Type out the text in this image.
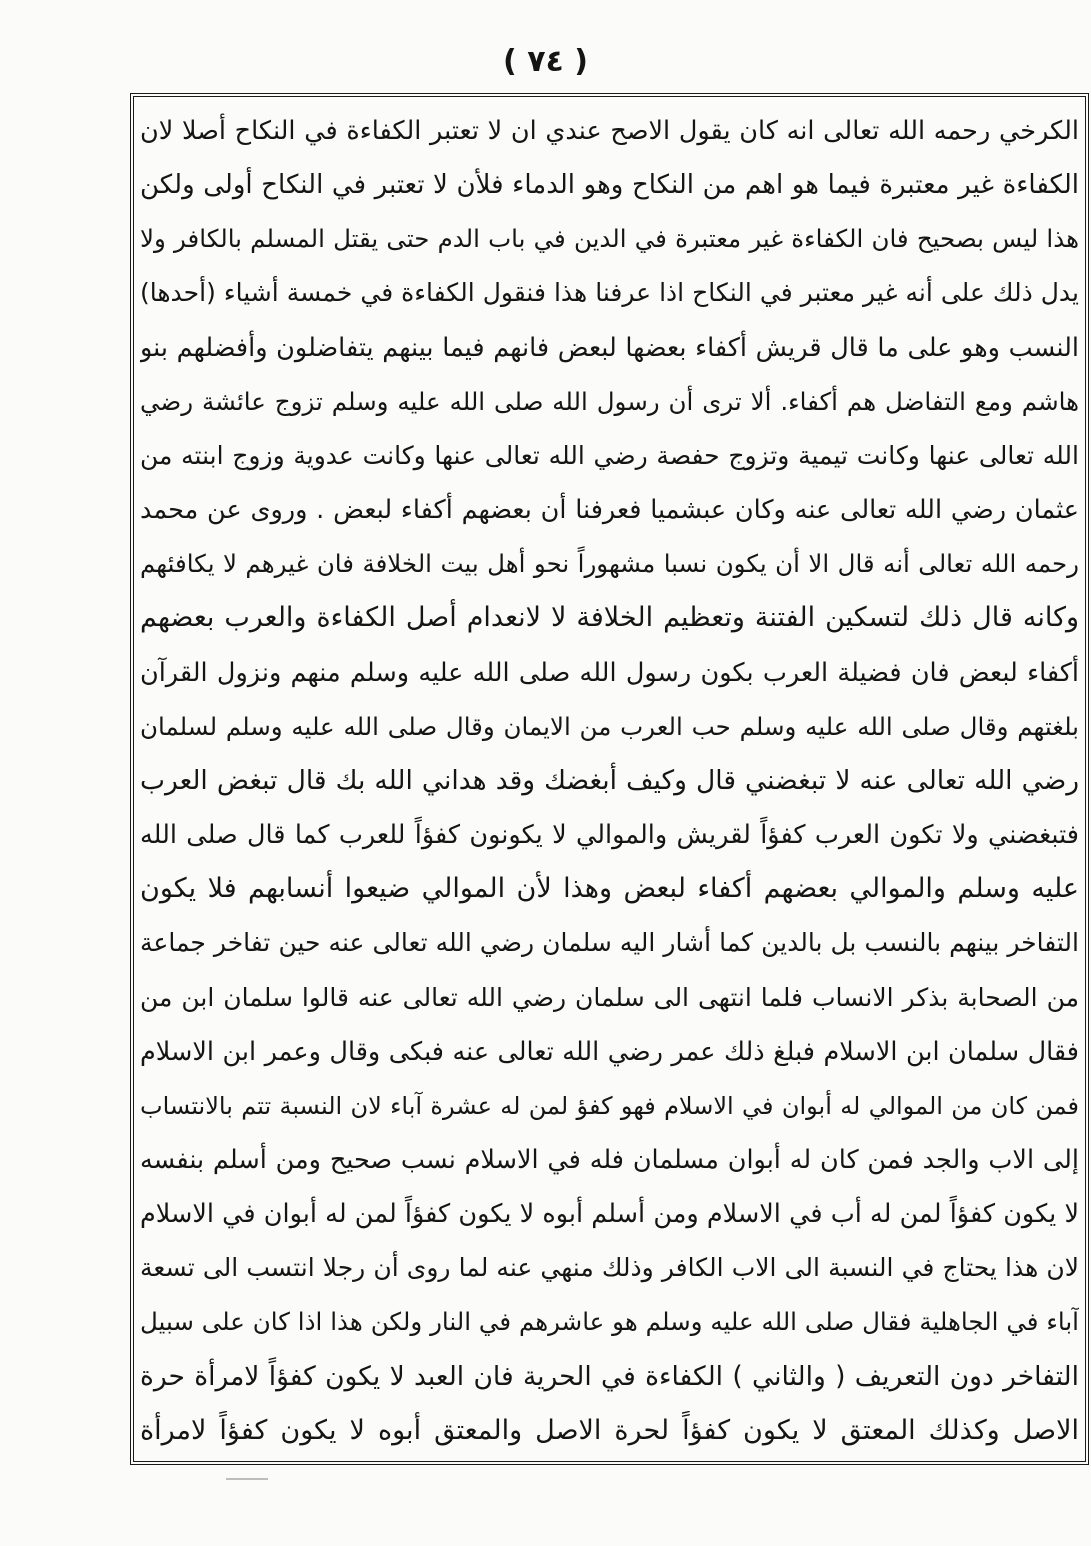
( ٧٤ )
الكرخي رحمه الله تعالى انه كان يقول الاصح عندي ان لا تعتبر الكفاءة في النكاح أصلا لان
الكفاءة غير معتبرة فيما هو اهم من النكاح وهو الدماء فلأن لا تعتبر في النكاح أولى ولكن
هذا ليس بصحيح فان الكفاءة غير معتبرة في الدين في باب الدم حتى يقتل المسلم بالكافر ولا
يدل ذلك على أنه غير معتبر في النكاح اذا عرفنا هذا فنقول الكفاءة في خمسة أشياء (أحدها)
النسب وهو على ما قال قريش أكفاء بعضها لبعض فانهم فيما بينهم يتفاضلون وأفضلهم بنو
هاشم ومع التفاضل هم أكفاء. ألا ترى أن رسول الله صلى الله عليه وسلم تزوج عائشة رضي
الله تعالى عنها وكانت تيمية وتزوج حفصة رضي الله تعالى عنها وكانت عدوية وزوج ابنته من
عثمان رضي الله تعالى عنه وكان عبشميا فعرفنا أن بعضهم أكفاء لبعض . وروى عن محمد
رحمه الله تعالى أنه قال الا أن يكون نسبا مشهوراً نحو أهل بيت الخلافة فان غيرهم لا يكافئهم
وكانه قال ذلك لتسكين الفتنة وتعظيم الخلافة لا لانعدام أصل الكفاءة والعرب بعضهم
أكفاء لبعض فان فضيلة العرب بكون رسول الله صلى الله عليه وسلم منهم ونزول القرآن
بلغتهم وقال صلى الله عليه وسلم حب العرب من الايمان وقال صلى الله عليه وسلم لسلمان
رضي الله تعالى عنه لا تبغضني قال وكيف أبغضك وقد هداني الله بك قال تبغض العرب
فتبغضني ولا تكون العرب كفؤاً لقريش والموالي لا يكونون كفؤاً للعرب كما قال صلى الله
عليه وسلم والموالي بعضهم أكفاء لبعض وهذا لأن الموالي ضيعوا أنسابهم فلا يكون
التفاخر بينهم بالنسب بل بالدين كما أشار اليه سلمان رضي الله تعالى عنه حين تفاخر جماعة
من الصحابة بذكر الانساب فلما انتهى الى سلمان رضي الله تعالى عنه قالوا سلمان ابن من
فقال سلمان ابن الاسلام فبلغ ذلك عمر رضي الله تعالى عنه فبكى وقال وعمر ابن الاسلام
فمن كان من الموالي له أبوان في الاسلام فهو كفؤ لمن له عشرة آباء لان النسبة تتم بالانتساب
إلى الاب والجد فمن كان له أبوان مسلمان فله في الاسلام نسب صحيح ومن أسلم بنفسه
لا يكون كفؤاً لمن له أب في الاسلام ومن أسلم أبوه لا يكون كفؤاً لمن له أبوان في الاسلام
لان هذا يحتاج في النسبة الى الاب الكافر وذلك منهي عنه لما روى أن رجلا انتسب الى تسعة
آباء في الجاهلية فقال صلى الله عليه وسلم هو عاشرهم في النار ولكن هذا اذا كان على سبيل
التفاخر دون التعريف ( والثاني ) الكفاءة في الحرية فان العبد لا يكون كفؤاً لامرأة حرة
الاصل وكذلك المعتق لا يكون كفؤاً لحرة الاصل والمعتق أبوه لا يكون كفؤاً لامرأة
